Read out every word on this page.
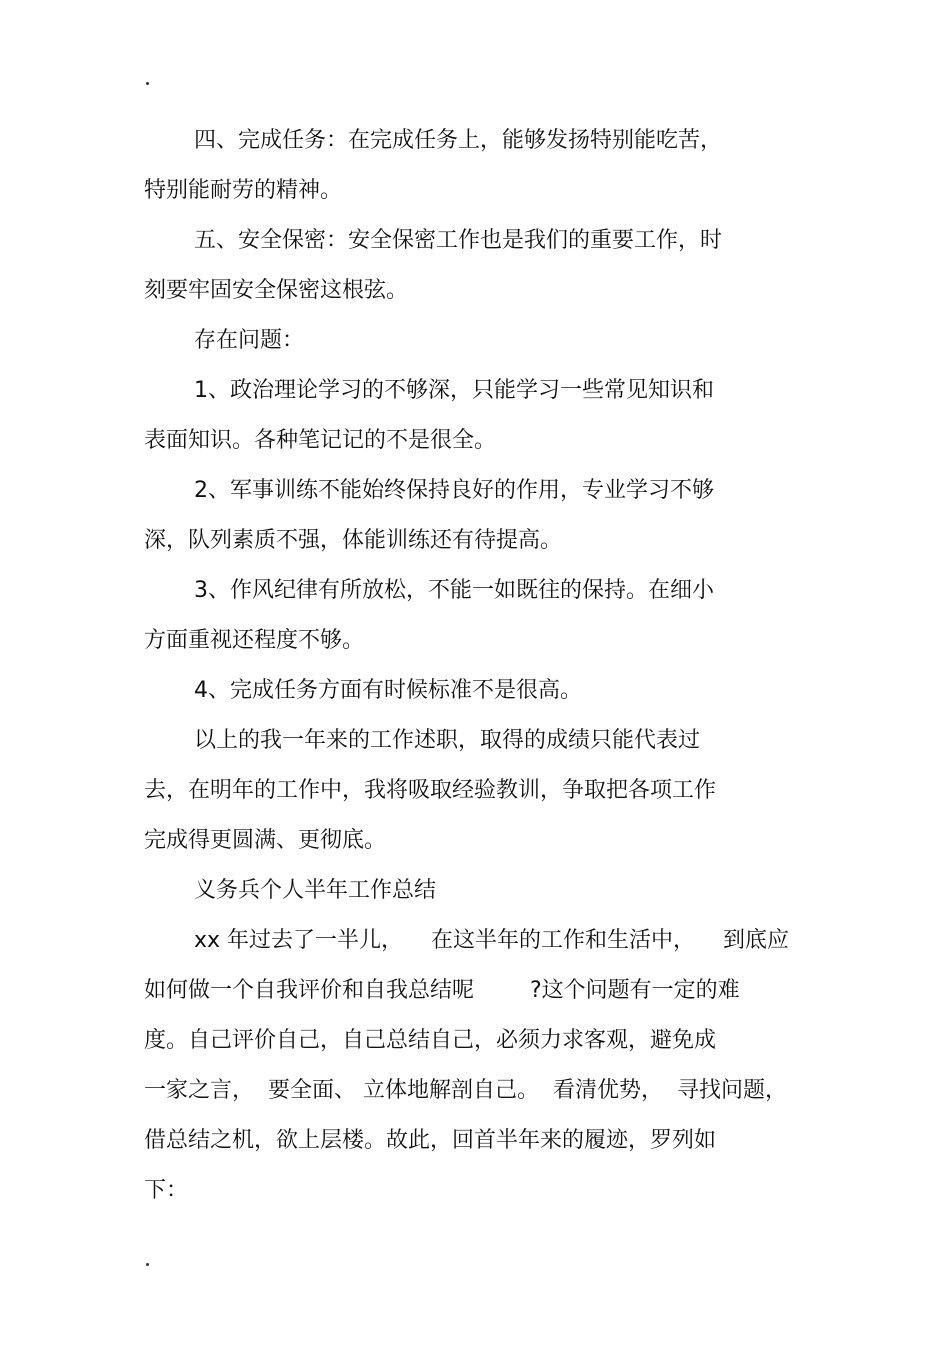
四、完成任务：在完成任务上，能够发扬特别能吃苦，
特别能耐劳的精神。
五、安全保密：安全保密工作也是我们的重要工作，时
刻要牢固安全保密这根弦。
存在问题：
1、政治理论学习的不够深，只能学习一些常见知识和
表面知识。各种笔记记的不是很全。
2、军事训练不能始终保持良好的作用，专业学习不够
深，队列素质不强，体能训练还有待提高。
3、作风纪律有所放松，不能一如既往的保持。在细小
方面重视还程度不够。
4、完成任务方面有时候标准不是很高。
以上的我一年来的工作述职，取得的成绩只能代表过
去，在明年的工作中，我将吸取经验教训，争取把各项工作
完成得更圆满、更彻底。
义务兵个人半年工作总结
xx 年过去了一半儿，    在这半年的工作和生活中，    到底应
如何做一个自我评价和自我总结呢        ?这个问题有一定的难
度。自己评价自己，自己总结自己，必须力求客观，避免成
一家之言，  要全面、 立体地解剖自己。  看清优势，  寻找问题，
借总结之机，欲上层楼。故此，回首半年来的履迹，罗列如
下：
